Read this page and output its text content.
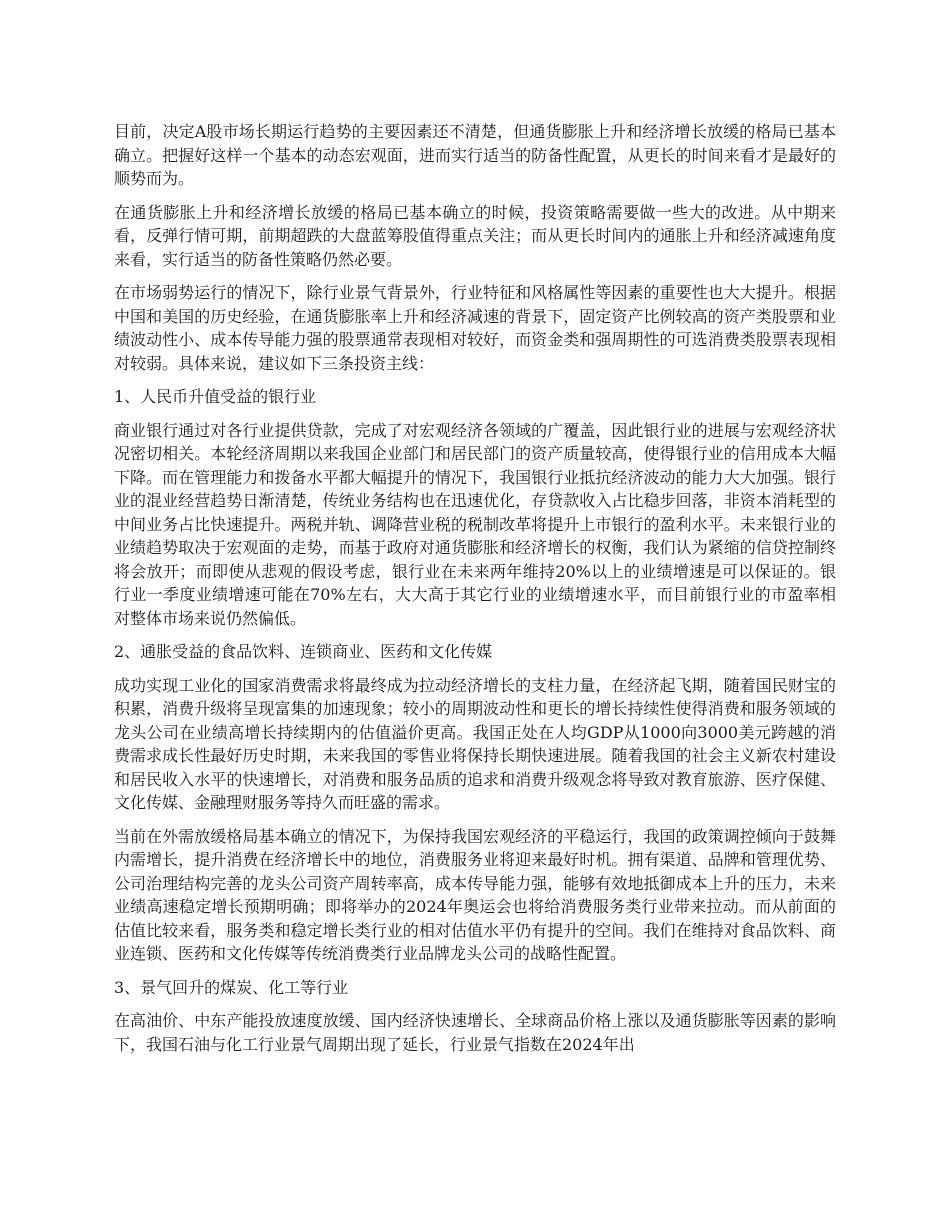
目前，决定A股市场长期运行趋势的主要因素还不清楚，但通货膨胀上升和经济增长放缓的格局已基本确立。把握好这样一个基本的动态宏观面，进而实行适当的防备性配置，从更长的时间来看才是最好的顺势而为。

在通货膨胀上升和经济增长放缓的格局已基本确立的时候，投资策略需要做一些大的改进。从中期来看，反弹行情可期，前期超跌的大盘蓝筹股值得重点关注；而从更长时间内的通胀上升和经济减速角度来看，实行适当的防备性策略仍然必要。

在市场弱势运行的情况下，除行业景气背景外，行业特征和风格属性等因素的重要性也大大提升。根据中国和美国的历史经验，在通货膨胀率上升和经济减速的背景下，固定资产比例较高的资产类股票和业绩波动性小、成本传导能力强的股票通常表现相对较好，而资金类和强周期性的可选消费类股票表现相对较弱。具体来说，建议如下三条投资主线：

1、人民币升值受益的银行业

商业银行通过对各行业提供贷款，完成了对宏观经济各领域的广覆盖，因此银行业的进展与宏观经济状况密切相关。本轮经济周期以来我国企业部门和居民部门的资产质量较高，使得银行业的信用成本大幅下降。而在管理能力和拨备水平都大幅提升的情况下，我国银行业抵抗经济波动的能力大大加强。银行业的混业经营趋势日渐清楚，传统业务结构也在迅速优化，存贷款收入占比稳步回落，非资本消耗型的中间业务占比快速提升。两税并轨、调降营业税的税制改革将提升上市银行的盈利水平。未来银行业的业绩趋势取决于宏观面的走势，而基于政府对通货膨胀和经济增长的权衡，我们认为紧缩的信贷控制终将会放开；而即使从悲观的假设考虑，银行业在未来两年维持20%以上的业绩增速是可以保证的。银行业一季度业绩增速可能在70%左右，大大高于其它行业的业绩增速水平，而目前银行业的市盈率相对整体市场来说仍然偏低。

2、通胀受益的食品饮料、连锁商业、医药和文化传媒

成功实现工业化的国家消费需求将最终成为拉动经济增长的支柱力量，在经济起飞期，随着国民财宝的积累，消费升级将呈现富集的加速现象；较小的周期波动性和更长的增长持续性使得消费和服务领域的龙头公司在业绩高增长持续期内的估值溢价更高。我国正处在人均GDP从1000向3000美元跨越的消费需求成长性最好历史时期，未来我国的零售业将保持长期快速进展。随着我国的社会主义新农村建设和居民收入水平的快速增长，对消费和服务品质的追求和消费升级观念将导致对教育旅游、医疗保健、文化传媒、金融理财服务等持久而旺盛的需求。

当前在外需放缓格局基本确立的情况下，为保持我国宏观经济的平稳运行，我国的政策调控倾向于鼓舞内需增长，提升消费在经济增长中的地位，消费服务业将迎来最好时机。拥有渠道、品牌和管理优势、公司治理结构完善的龙头公司资产周转率高，成本传导能力强，能够有效地抵御成本上升的压力，未来业绩高速稳定增长预期明确；即将举办的2024年奥运会也将给消费服务类行业带来拉动。而从前面的估值比较来看，服务类和稳定增长类行业的相对估值水平仍有提升的空间。我们在维持对食品饮料、商业连锁、医药和文化传媒等传统消费类行业品牌龙头公司的战略性配置。

3、景气回升的煤炭、化工等行业

在高油价、中东产能投放速度放缓、国内经济快速增长、全球商品价格上涨以及通货膨胀等因素的影响下，我国石油与化工行业景气周期出现了延长，行业景气指数在2024年出
